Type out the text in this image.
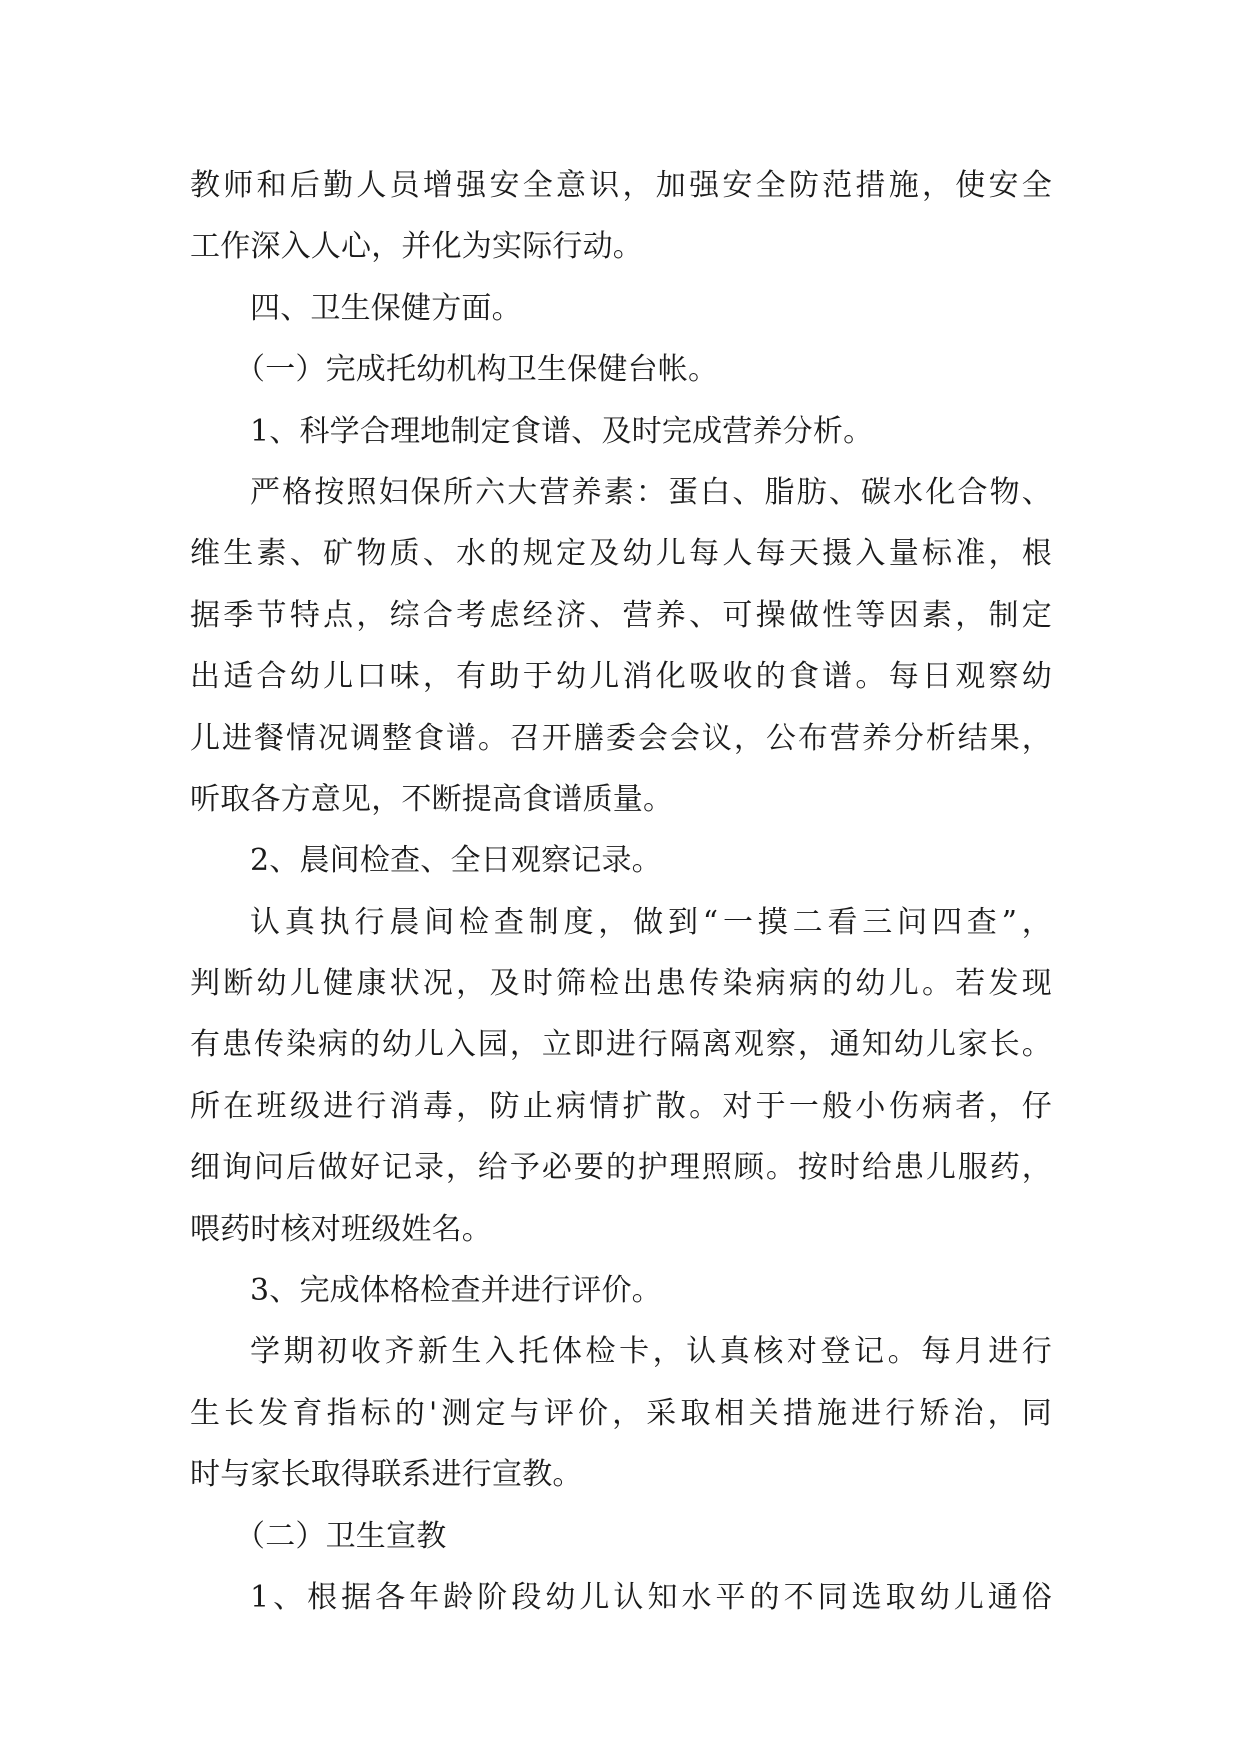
教师和后勤人员增强安全意识，加强安全防范措施，使安全
工作深入人心，并化为实际行动。
四、卫生保健方面。
（一）完成托幼机构卫生保健台帐。
1、科学合理地制定食谱、及时完成营养分析。
严格按照妇保所六大营养素：蛋白、脂肪、碳水化合物、
维生素、矿物质、水的规定及幼儿每人每天摄入量标准，根
据季节特点，综合考虑经济、营养、可操做性等因素，制定
出适合幼儿口味，有助于幼儿消化吸收的食谱。每日观察幼
儿进餐情况调整食谱。召开膳委会会议，公布营养分析结果，
听取各方意见，不断提高食谱质量。
2、晨间检查、全日观察记录。
认真执行晨间检查制度，做到“一摸二看三问四查”，
判断幼儿健康状况，及时筛检出患传染病病的幼儿。若发现
有患传染病的幼儿入园，立即进行隔离观察，通知幼儿家长。
所在班级进行消毒，防止病情扩散。对于一般小伤病者，仔
细询问后做好记录，给予必要的护理照顾。按时给患儿服药，
喂药时核对班级姓名。
3、完成体格检查并进行评价。
学期初收齐新生入托体检卡，认真核对登记。每月进行
生长发育指标的'测定与评价，采取相关措施进行矫治，同
时与家长取得联系进行宣教。
（二）卫生宣教
1、根据各年龄阶段幼儿认知水平的不同选取幼儿通俗
